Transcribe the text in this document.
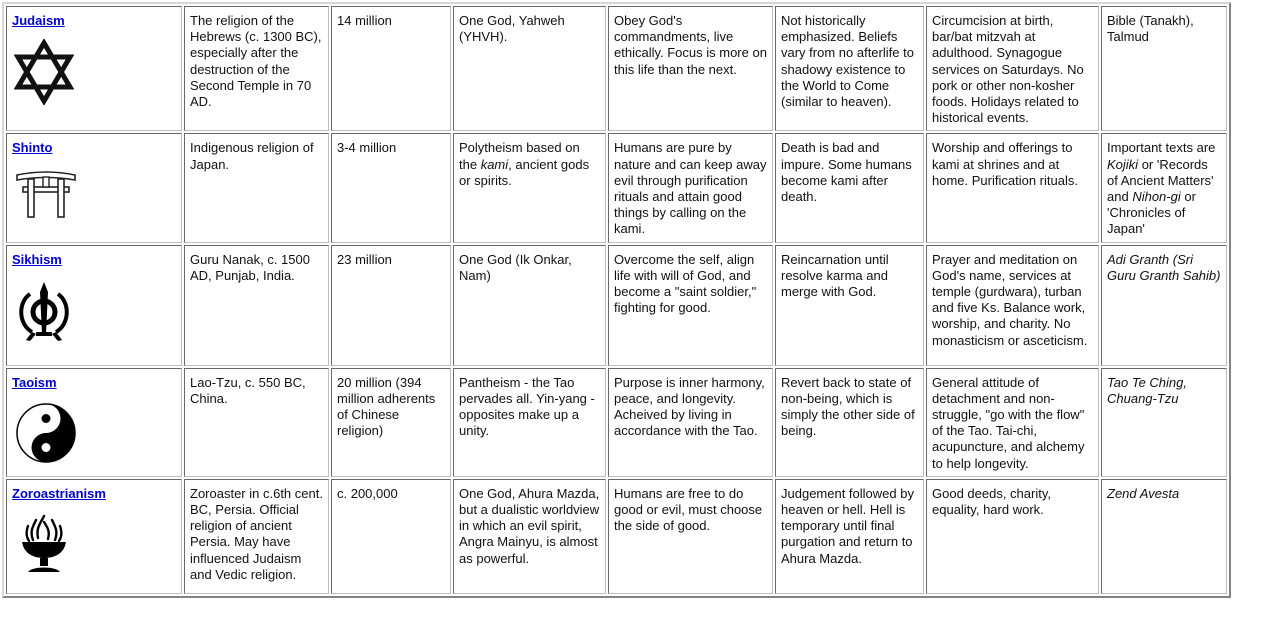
Judaism	The religion of the Hebrews (c. 1300 BC), especially after the destruction of the Second Temple in 70 AD.	14 million	One God, Yahweh (YHVH).	Obey God's commandments, live ethically. Focus is more on this life than the next.	Not historically emphasized. Beliefs vary from no afterlife to shadowy existence to the World to Come (similar to heaven).	Circumcision at birth, bar/bat mitzvah at adulthood. Synagogue services on Saturdays. No pork or other non-kosher foods. Holidays related to historical events.	Bible (Tanakh), Talmud
Shinto	Indigenous religion of Japan.	3-4 million	Polytheism based on the kami, ancient gods or spirits.	Humans are pure by nature and can keep away evil through purification rituals and attain good things by calling on the kami.	Death is bad and impure. Some humans become kami after death.	Worship and offerings to kami at shrines and at home. Purification rituals.	Important texts are Kojiki or 'Records of Ancient Matters' and Nihon-gi or 'Chronicles of Japan'
Sikhism	Guru Nanak, c. 1500 AD, Punjab, India.	23 million	One God (Ik Onkar, Nam)	Overcome the self, align life with will of God, and become a "saint soldier," fighting for good.	Reincarnation until resolve karma and merge with God.	Prayer and meditation on God's name, services at temple (gurdwara), turban and five Ks. Balance work, worship, and charity. No monasticism or asceticism.	Adi Granth (Sri Guru Granth Sahib)
Taoism	Lao-Tzu, c. 550 BC, China.	20 million (394 million adherents of Chinese religion)	Pantheism - the Tao pervades all. Yin-yang - opposites make up a unity.	Purpose is inner harmony, peace, and longevity. Acheived by living in accordance with the Tao.	Revert back to state of non-being, which is simply the other side of being.	General attitude of detachment and non-struggle, "go with the flow" of the Tao. Tai-chi, acupuncture, and alchemy to help longevity.	Tao Te Ching, Chuang-Tzu
Zoroastrianism	Zoroaster in c.6th cent. BC, Persia. Official religion of ancient Persia. May have influenced Judaism and Vedic religion.	c. 200,000	One God, Ahura Mazda, but a dualistic worldview in which an evil spirit, Angra Mainyu, is almost as powerful.	Humans are free to do good or evil, must choose the side of good.	Judgement followed by heaven or hell. Hell is temporary until final purgation and return to Ahura Mazda.	Good deeds, charity, equality, hard work.	Zend Avesta
